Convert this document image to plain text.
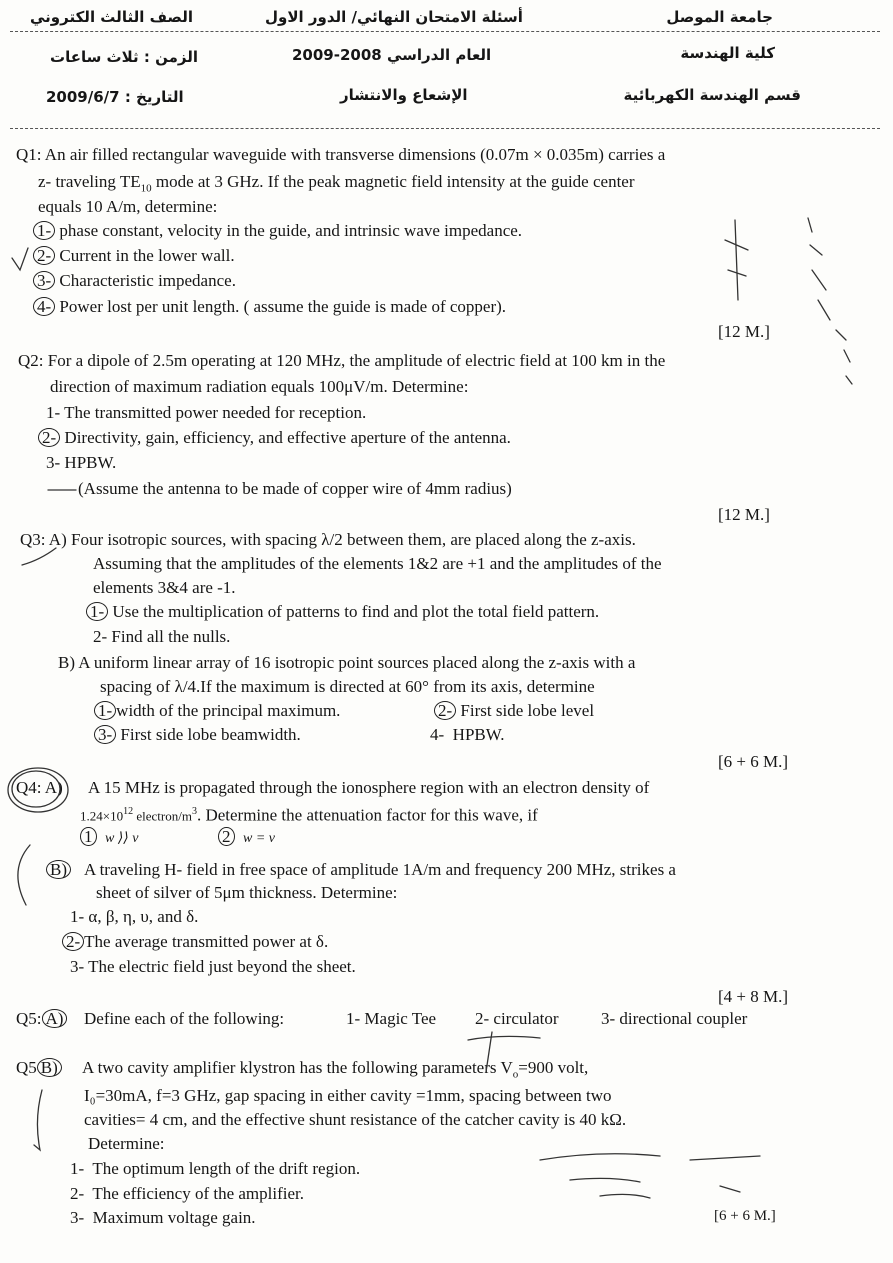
جامعة الموصل
كلية الهندسة
قسم الهندسة الكهربائية
أسئلة الامتحان النهائي/ الدور الاول
العام الدراسي 2008-2009
الإشعاع والانتشار
الصف الثالث الكتروني
الزمن : ثلاث ساعات
التاريخ : 2009/6/7
Q1: An air filled rectangular waveguide with transverse dimensions (0.07m × 0.035m) carries a
z- traveling $TE_{10}$ mode at 3 GHz. If the peak magnetic field intensity at the guide center
equals 10 A/m, determine:
1- phase constant, velocity in the guide, and intrinsic wave impedance.
2- Current in the lower wall.
3- Characteristic impedance.
4- Power lost per unit length. ( assume the guide is made of copper).
[12 M.]
Q2: For a dipole of 2.5m operating at 120 MHz, the amplitude of electric field at 100 km in the
direction of maximum radiation equals 100μV/m. Determine:
1- The transmitted power needed for reception.
2- Directivity, gain, efficiency, and effective aperture of the antenna.
3- HPBW.
(Assume the antenna to be made of copper wire of 4mm radius)
[12 M.]
Q3: A) Four isotropic sources, with spacing λ/2 between them, are placed along the z-axis.
Assuming that the amplitudes of the elements 1&2 are +1 and the amplitudes of the
elements 3&4 are -1.
1- Use the multiplication of patterns to find and plot the total field pattern.
2- Find all the nulls.
B) A uniform linear array of 16 isotropic point sources placed along the z-axis with a
spacing of λ/4.If the maximum is directed at 60° from its axis, determine
1- width of the principal maximum.	2- First side lobe level
3- First side lobe beamwidth.	4- HPBW.
[6 + 6 M.]
Q4: A) A 15 MHz is propagated through the ionosphere region with an electron density of
$1.24\times 10^{12}$ electron/$m^3$. Determine the attenuation factor for this wave, if
1 w ⟩⟩ ν	2 w = ν
B) A traveling H- field in free space of amplitude 1A/m and frequency 200 MHz, strikes a
sheet of silver of 5μm thickness. Determine:
1- α, β, η, υ, and δ.
2- The average transmitted power at δ.
3- The electric field just beyond the sheet.
[4 + 8 M.]
Q5: A) Define each of the following:	1- Magic Tee 2- circulator 3- directional coupler
Q5 B) A two cavity amplifier klystron has the following parameters $V_o=900$ volt,
I₀=30mA, f=3 GHz, gap spacing in either cavity =1mm, spacing between two
cavities= 4 cm, and the effective shunt resistance of the catcher cavity is 40 kΩ.
Determine:
1- The optimum length of the drift region.
2- The efficiency of the amplifier.
3- Maximum voltage gain.	[6 + 6 M.]
